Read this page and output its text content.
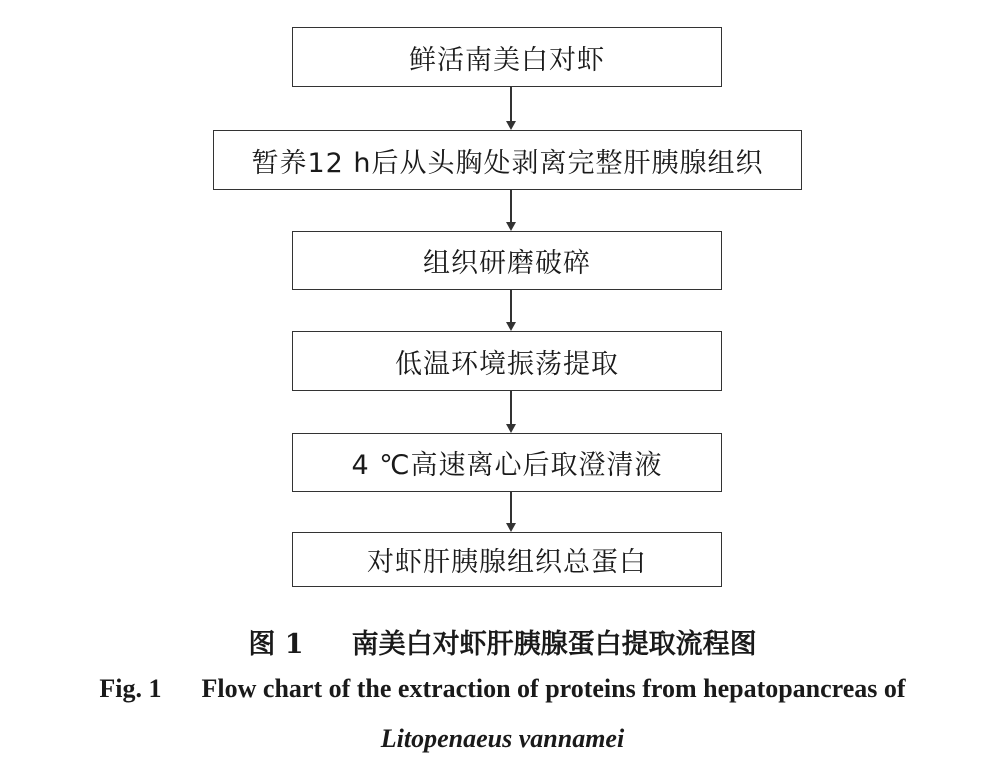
鲜活南美白对虾
暂养12 h后从头胸处剥离完整肝胰腺组织
组织研磨破碎
低温环境振荡提取
4 ℃高速离心后取澄清液
对虾肝胰腺组织总蛋白
图 1 南美白对虾肝胰腺蛋白提取流程图
Fig. 1 Flow chart of the extraction of proteins from hepatopancreas of
Litopenaeus vannamei
